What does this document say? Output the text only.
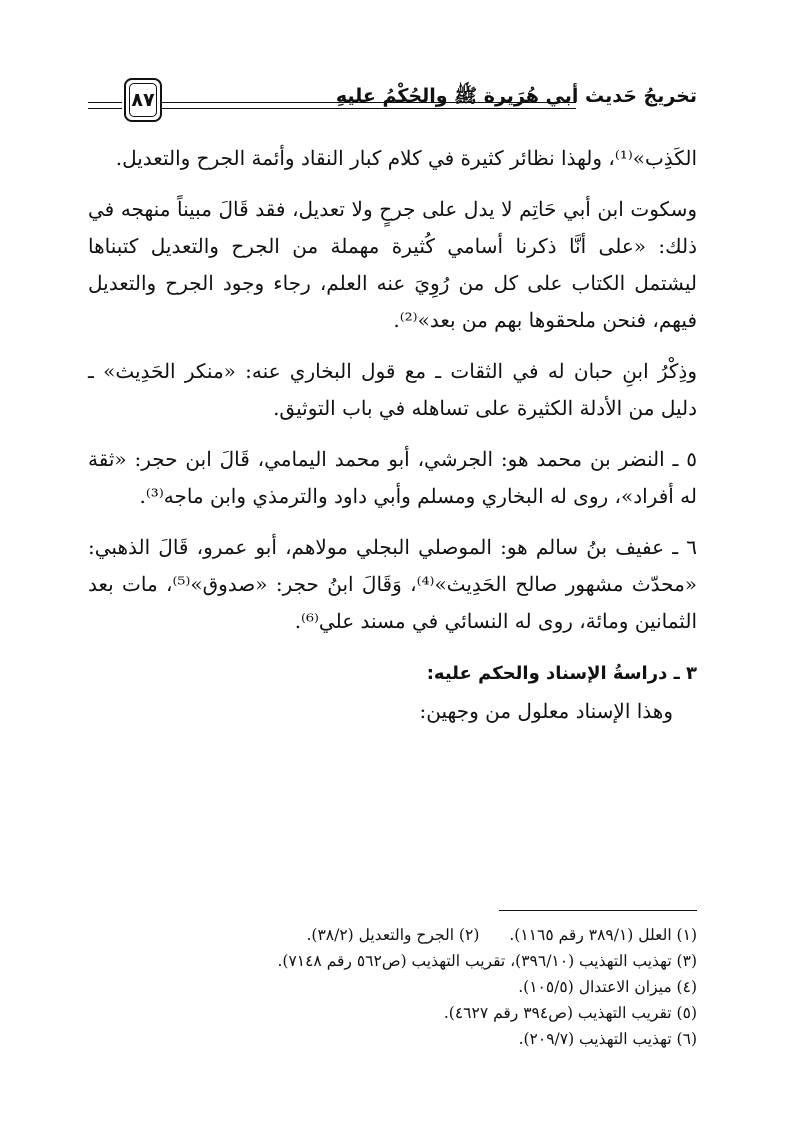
تخريجُ حَديث أبي هُرَيرة ﷺ والحُكْمُ عليهِ
٨٧

الكَذِب»⁽¹⁾، ولهذا نظائر كثيرة في كلام كبار النقاد وأئمة الجرح والتعديل.

وسكوت ابن أبي حَاتِم لا يدل على جرحٍ ولا تعديل، فقد قَالَ مبيناً منهجه في ذلك: «على أنَّا ذكرنا أسامي كُثيرة مهملة من الجرح والتعديل كتبناها ليشتمل الكتاب على كل من رُوِيَ عنه العلم، رجاء وجود الجرح والتعديل فيهم، فنحن ملحقوها بهم من بعد»⁽²⁾.

وذِكْرُ ابنِ حبان له في الثقات ـ مع قول البخاري عنه: «منكر الحَدِيث» ـ دليل من الأدلة الكثيرة على تساهله في باب التوثيق.

٥ ـ النضر بن محمد هو: الجرشي، أبو محمد اليمامي، قَالَ ابن حجر: «ثقة له أفراد»، روى له البخاري ومسلم وأبي داود والترمذي وابن ماجه⁽³⁾.

٦ ـ عفيف بنُ سالم هو: الموصلي البجلي مولاهم، أبو عمرو، قَالَ الذهبي: «محدّث مشهور صالح الحَدِيث»⁽⁴⁾، وَقَالَ ابنُ حجر: «صدوق»⁽⁵⁾، مات بعد الثمانين ومائة، روى له النسائي في مسند علي⁽⁶⁾.

٣ ـ دراسةُ الإسناد والحكم عليه:
وهذا الإسناد معلول من وجهين:
(١) العلل (٣٨٩/١ رقم ١١٦٥).(٢) الجرح والتعديل (٣٨/٢).
(٣) تهذيب التهذيب (٣٩٦/١٠)، تقريب التهذيب (ص٥٦٢ رقم ٧١٤٨).
(٤) ميزان الاعتدال (١٠٥/٥).
(٥) تقريب التهذيب (ص٣٩٤ رقم ٤٦٢٧).
(٦) تهذيب التهذيب (٢٠٩/٧).
